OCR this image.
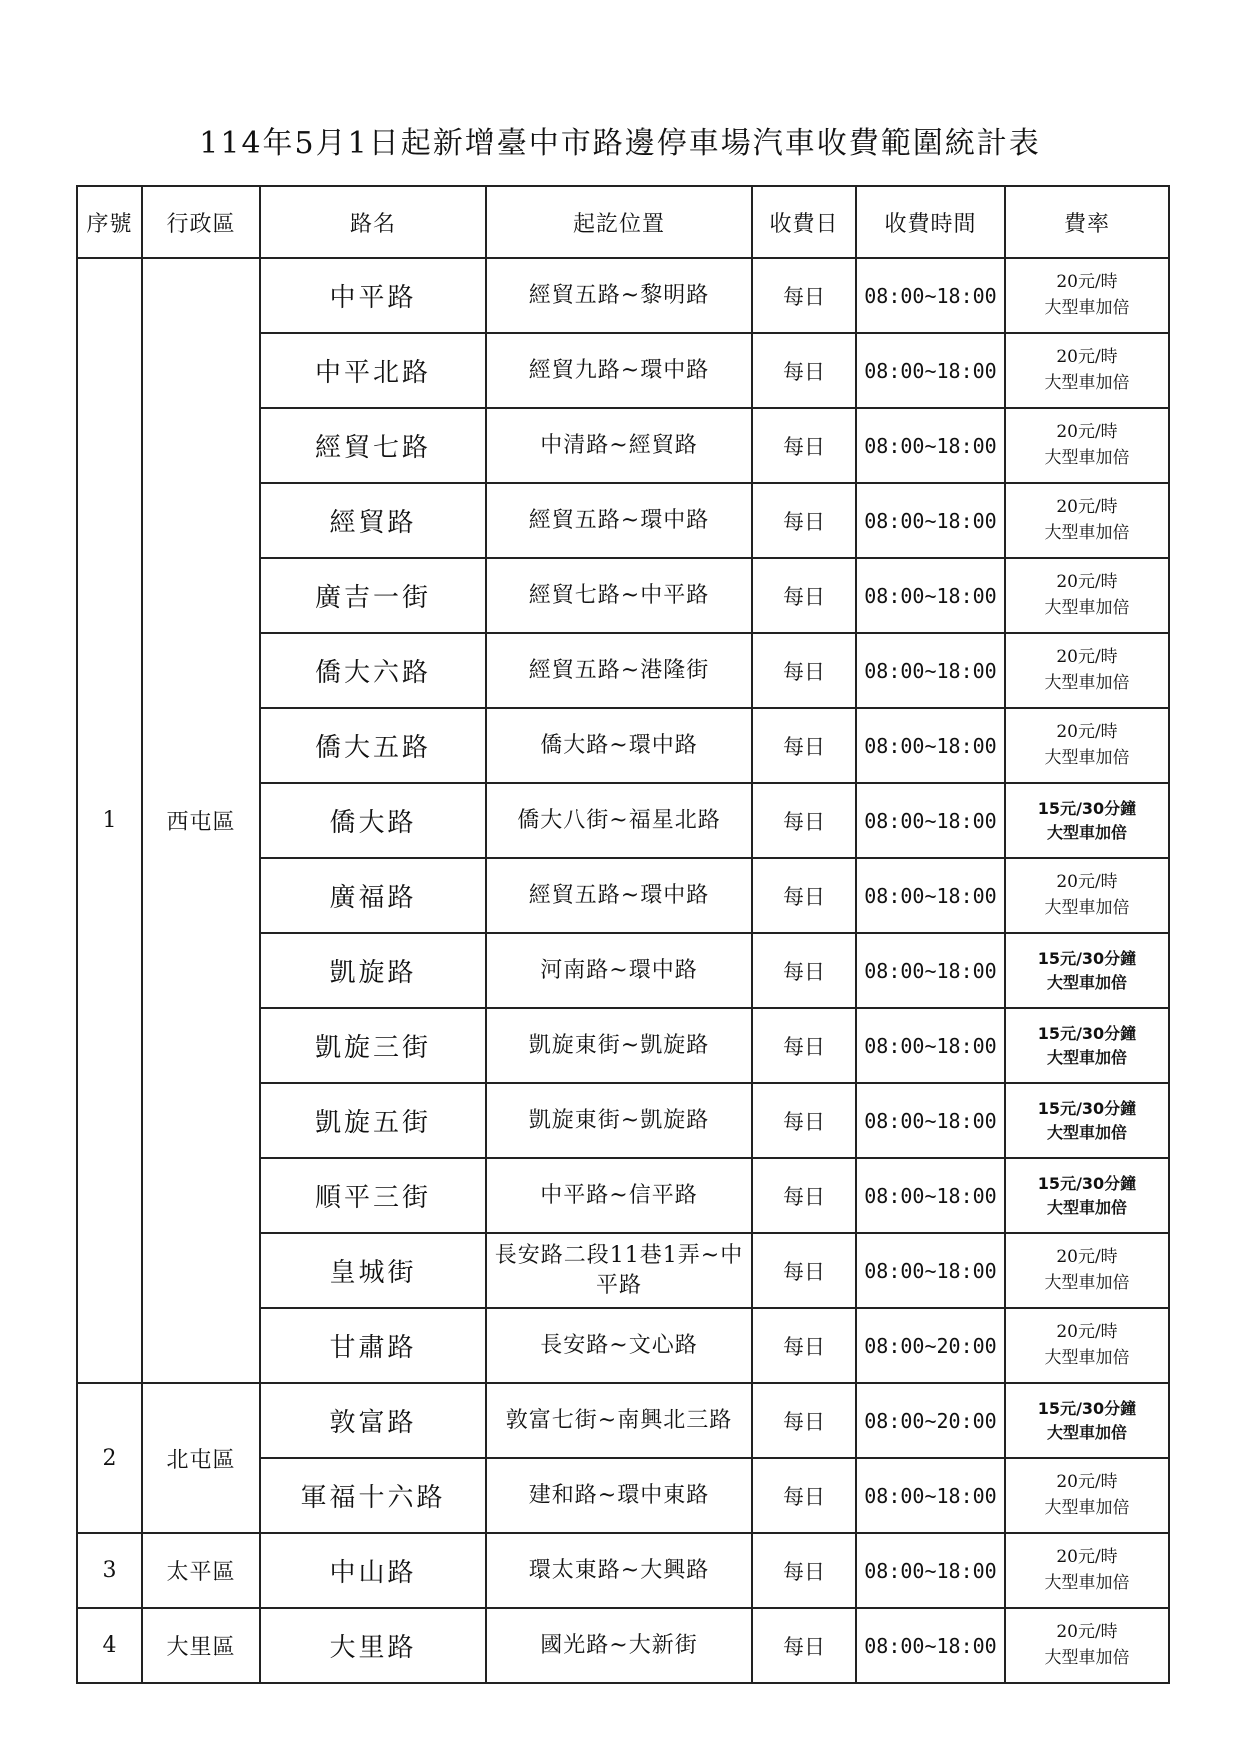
114年5月1日起新增臺中市路邊停車場汽車收費範圍統計表
序號	行政區	路名	起訖位置	收費日	收費時間	費率
1	西屯區	中平路	經貿五路~黎明路	每日	08:00~18:00	20元/時
大型車加倍

		中平北路	經貿九路~環中路	每日	08:00~18:00	20元/時
大型車加倍

		經貿七路	中清路~經貿路	每日	08:00~18:00	20元/時
大型車加倍

		經貿路	經貿五路~環中路	每日	08:00~18:00	20元/時
大型車加倍

		廣吉一街	經貿七路~中平路	每日	08:00~18:00	20元/時
大型車加倍

		僑大六路	經貿五路~港隆街	每日	08:00~18:00	20元/時
大型車加倍

		僑大五路	僑大路~環中路	每日	08:00~18:00	20元/時
大型車加倍

		僑大路	僑大八街~福星北路	每日	08:00~18:00	15元/30分鐘
大型車加倍

		廣福路	經貿五路~環中路	每日	08:00~18:00	20元/時
大型車加倍

		凱旋路	河南路~環中路	每日	08:00~18:00	15元/30分鐘
大型車加倍

		凱旋三街	凱旋東街~凱旋路	每日	08:00~18:00	15元/30分鐘
大型車加倍

		凱旋五街	凱旋東街~凱旋路	每日	08:00~18:00	15元/30分鐘
大型車加倍

		順平三街	中平路~信平路	每日	08:00~18:00	15元/30分鐘
大型車加倍

		皇城街	長安路二段11巷1弄~中平路	每日	08:00~18:00	20元/時
大型車加倍

		甘肅路	長安路~文心路	每日	08:00~20:00	20元/時
大型車加倍

2	北屯區	敦富路	敦富七街~南興北三路	每日	08:00~20:00	15元/30分鐘
大型車加倍

		軍福十六路	建和路~環中東路	每日	08:00~18:00	20元/時
大型車加倍

3	太平區	中山路	環太東路~大興路	每日	08:00~18:00	20元/時
大型車加倍

4	大里區	大里路	國光路~大新街	每日	08:00~18:00	20元/時
大型車加倍
